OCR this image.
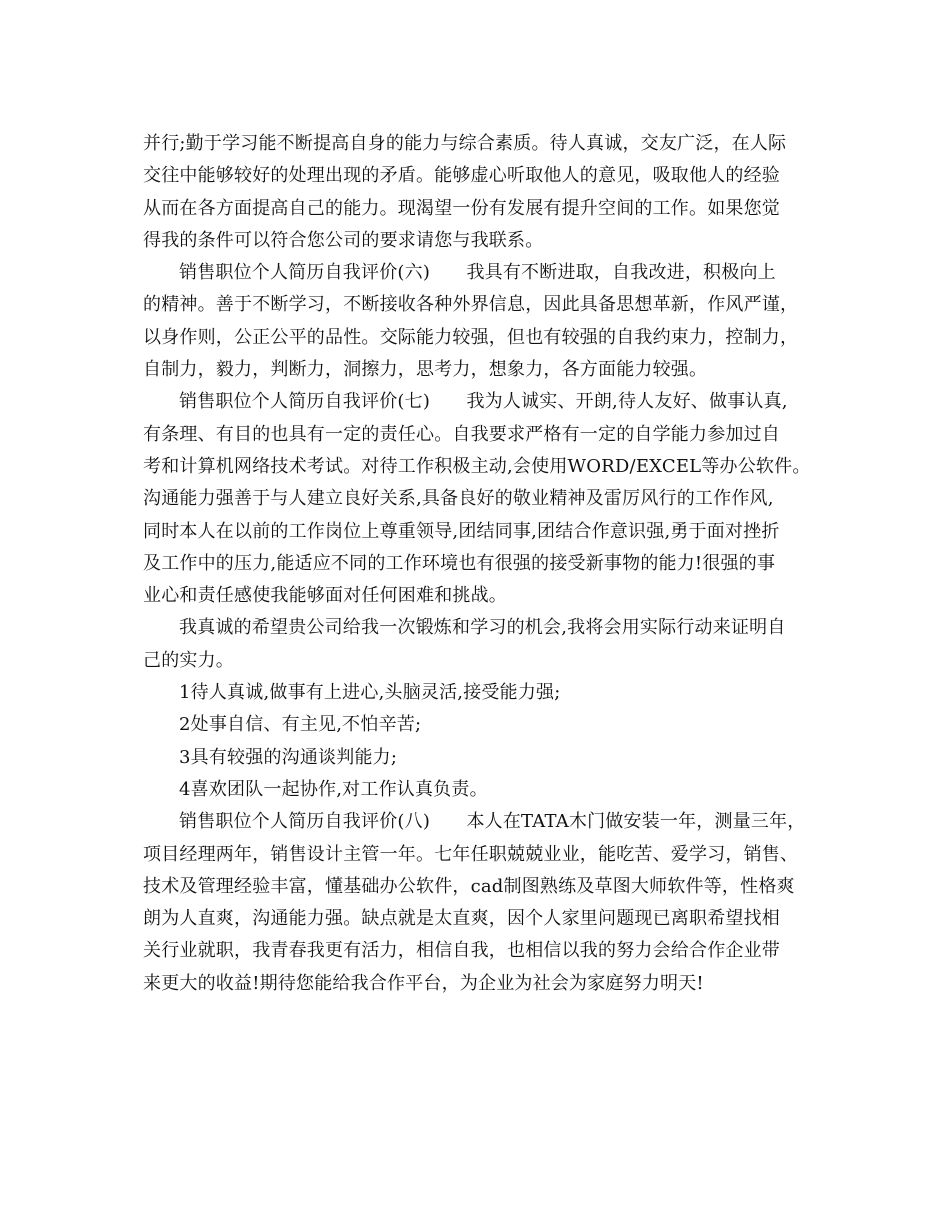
并行;勤于学习能不断提高自身的能力与综合素质。待人真诚，交友广泛，在人际
交往中能够较好的处理出现的矛盾。能够虚心听取他人的意见，吸取他人的经验
从而在各方面提高自己的能力。现渴望一份有发展有提升空间的工作。如果您觉
得我的条件可以符合您公司的要求请您与我联系。
销售职位个人简历自我评价(六)　　我具有不断进取，自我改进，积极向上
的精神。善于不断学习，不断接收各种外界信息，因此具备思想革新，作风严谨，
以身作则，公正公平的品性。交际能力较强，但也有较强的自我约束力，控制力，
自制力，毅力，判断力，洞擦力，思考力，想象力，各方面能力较强。
销售职位个人简历自我评价(七)　　我为人诚实、开朗,待人友好、做事认真,
有条理、有目的也具有一定的责任心。自我要求严格有一定的自学能力参加过自
考和计算机网络技术考试。对待工作积极主动,会使用WORD/EXCEL等办公软件。
沟通能力强善于与人建立良好关系,具备良好的敬业精神及雷厉风行的工作作风,
同时本人在以前的工作岗位上尊重领导,团结同事,团结合作意识强,勇于面对挫折
及工作中的压力,能适应不同的工作环境也有很强的接受新事物的能力!很强的事
业心和责任感使我能够面对任何困难和挑战。
我真诚的希望贵公司给我一次锻炼和学习的机会,我将会用实际行动来证明自
己的实力。
1待人真诚,做事有上进心,头脑灵活,接受能力强;
2处事自信、有主见,不怕辛苦;
3具有较强的沟通谈判能力;
4喜欢团队一起协作,对工作认真负责。
销售职位个人简历自我评价(八)　　本人在TATA木门做安装一年，测量三年，
项目经理两年，销售设计主管一年。七年任职兢兢业业，能吃苦、爱学习，销售、
技术及管理经验丰富，懂基础办公软件，cad制图熟练及草图大师软件等，性格爽
朗为人直爽，沟通能力强。缺点就是太直爽，因个人家里问题现已离职希望找相
关行业就职，我青春我更有活力，相信自我，也相信以我的努力会给合作企业带
来更大的收益!期待您能给我合作平台，为企业为社会为家庭努力明天!
